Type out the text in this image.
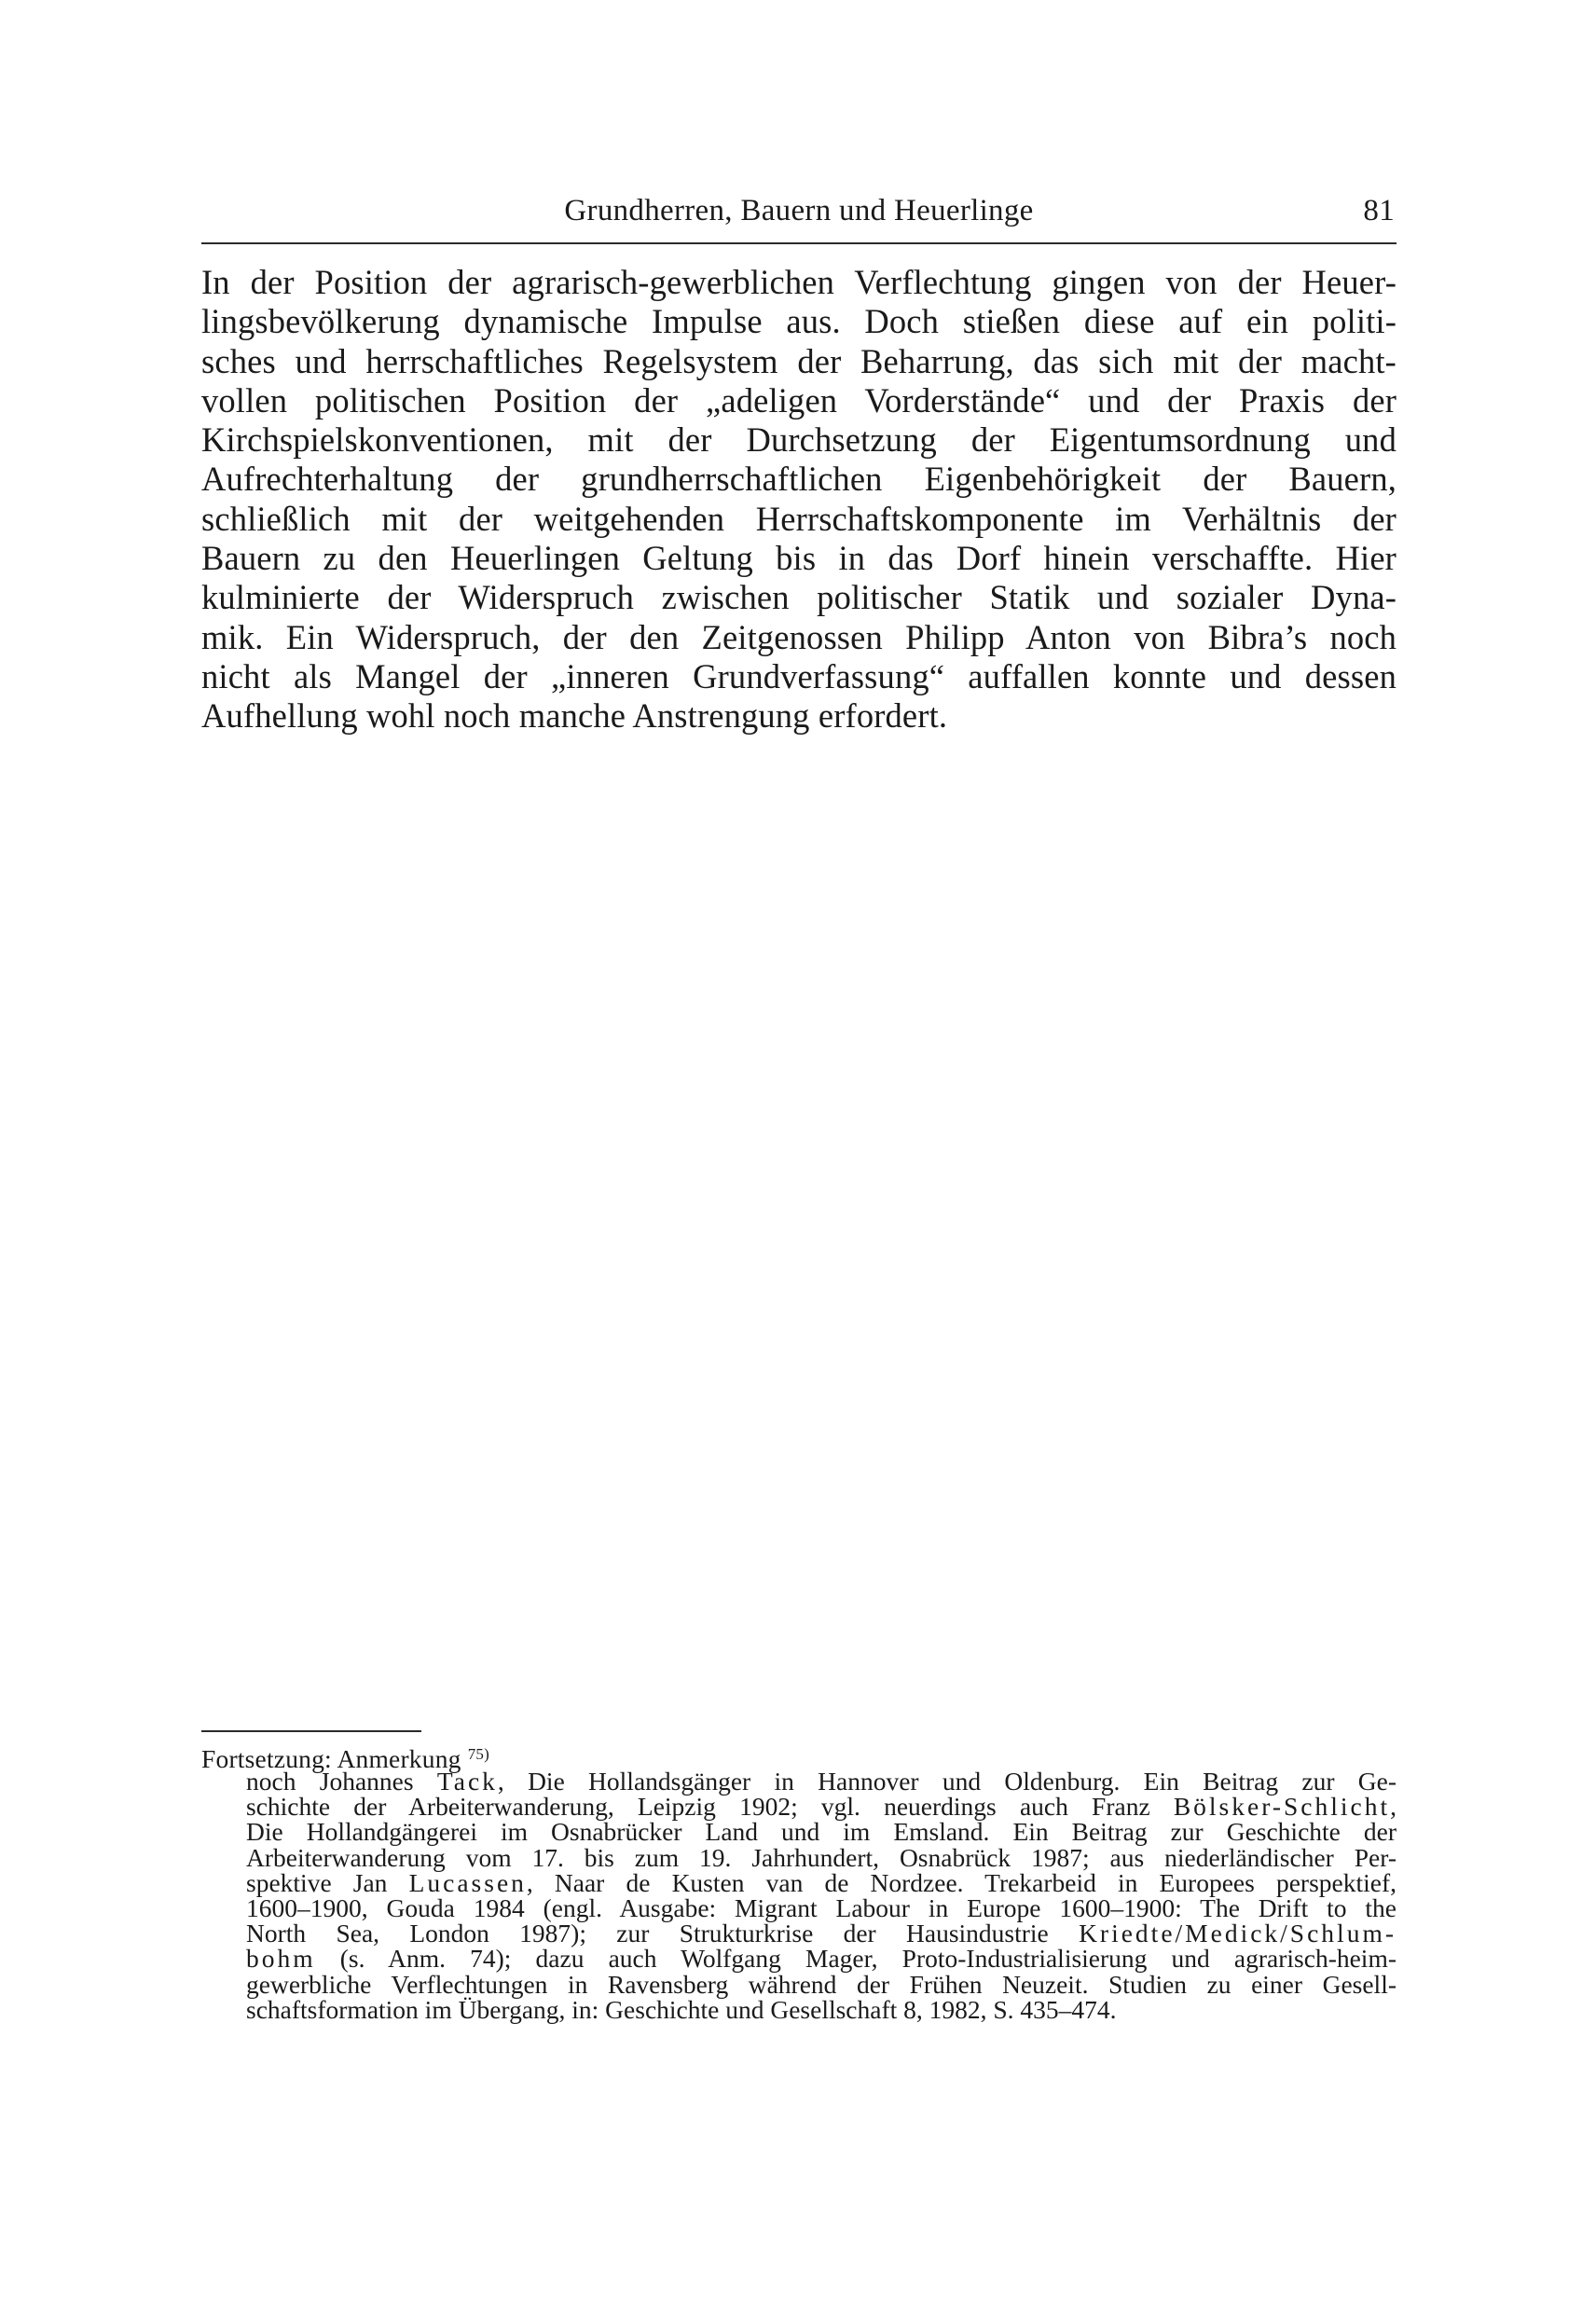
Grundherren, Bauern und Heuerlinge	81
In der Position der agrarisch-gewerblichen Verflechtung gingen von der Heuer-
lingsbevölkerung dynamische Impulse aus. Doch stießen diese auf ein politi-
sches und herrschaftliches Regelsystem der Beharrung, das sich mit der macht-
vollen politischen Position der „adeligen Vorderstände“ und der Praxis der
Kirchspielskonventionen, mit der Durchsetzung der Eigentumsordnung und
Aufrechterhaltung der grundherrschaftlichen Eigenbehörigkeit der Bauern,
schließlich mit der weitgehenden Herrschaftskomponente im Verhältnis der
Bauern zu den Heuerlingen Geltung bis in das Dorf hinein verschaffte. Hier
kulminierte der Widerspruch zwischen politischer Statik und sozialer Dyna-
mik. Ein Widerspruch, der den Zeitgenossen Philipp Anton von Bibra’s noch
nicht als Mangel der „inneren Grundverfassung“ auffallen konnte und dessen
Aufhellung wohl noch manche Anstrengung erfordert.
Fortsetzung: Anmerkung $^{75)}$
noch Johannes Tack, Die Hollandsgänger in Hannover und Oldenburg. Ein Beitrag zur Ge-
schichte der Arbeiterwanderung, Leipzig 1902; vgl. neuerdings auch Franz Bölsker-Schlicht,
Die Hollandgängerei im Osnabrücker Land und im Emsland. Ein Beitrag zur Geschichte der
Arbeiterwanderung vom 17. bis zum 19. Jahrhundert, Osnabrück 1987; aus niederländischer Per-
spektive Jan Lucassen, Naar de Kusten van de Nordzee. Trekarbeid in Europees perspektief,
1600–1900, Gouda 1984 (engl. Ausgabe: Migrant Labour in Europe 1600–1900: The Drift to the
North Sea, London 1987); zur Strukturkrise der Hausindustrie Kriedte/Medick/Schlum-
bohm (s. Anm. 74); dazu auch Wolfgang Mager, Proto-Industrialisierung und agrarisch-heim-
gewerbliche Verflechtungen in Ravensberg während der Frühen Neuzeit. Studien zu einer Gesell-
schaftsformation im Übergang, in: Geschichte und Gesellschaft 8, 1982, S. 435–474.
